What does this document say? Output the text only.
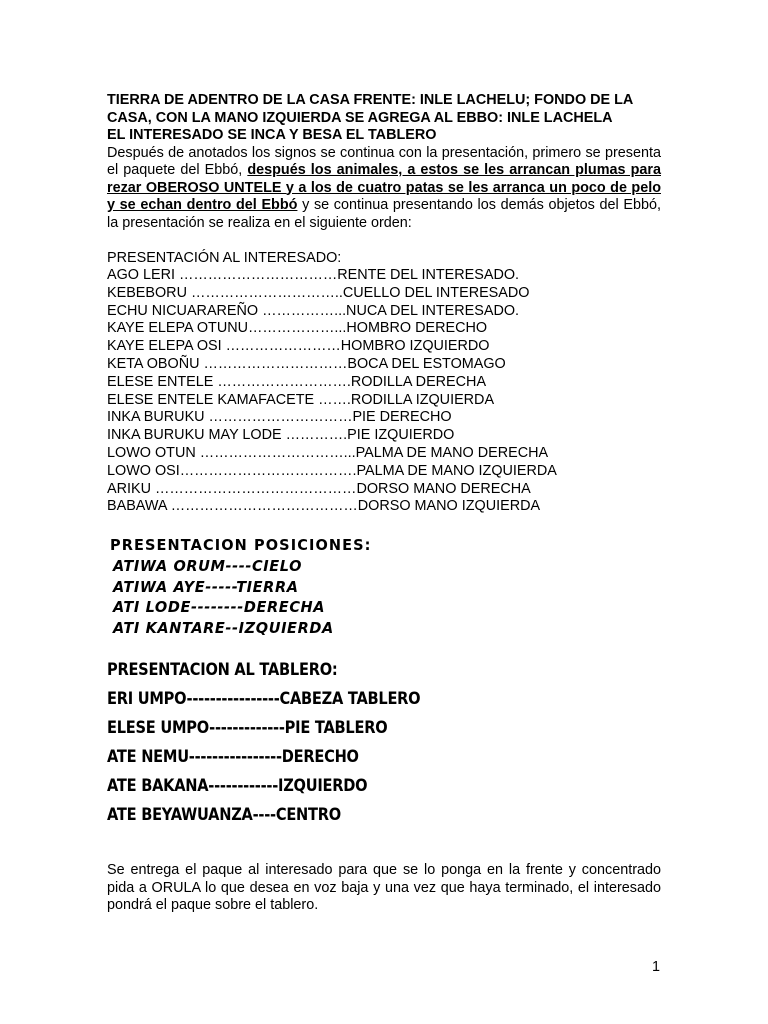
TIERRA DE ADENTRO DE LA CASA FRENTE: INLE LACHELU; FONDO DE LA
CASA, CON LA MANO IZQUIERDA SE AGREGA AL EBBO: INLE LACHELA
EL INTERESADO SE INCA Y BESA EL TABLERO

Después de anotados los signos se continua con la presentación, primero se presenta el paquete del Ebbó, después los animales, a estos se les arrancan plumas para rezar OBEROSO UNTELE y a los de cuatro patas se les arranca un poco de pelo y se echan dentro del Ebbó y se continua presentando los demás objetos del Ebbó, la presentación se realiza en el siguiente orden:

PRESENTACIÓN AL INTERESADO:

AGO LERI ……………………………RENTE DEL INTERESADO.
KEBEBORU …………………………..CUELLO DEL INTERESADO
ECHU NICUARAREÑO ……………...NUCA DEL INTERESADO.
KAYE ELEPA OTUNU………………...HOMBRO DERECHO
KAYE ELEPA OSI ……………………HOMBRO IZQUIERDO
KETA OBOÑU …………………………BOCA DEL ESTOMAGO
ELESE ENTELE ……………………….RODILLA DERECHA
ELESE ENTELE KAMAFACETE …….RODILLA IZQUIERDA
INKA BURUKU …………………………PIE DERECHO
INKA BURUKU MAY LODE ………….PIE IZQUIERDO
LOWO OTUN …………………………...PALMA DE MANO DERECHA
LOWO OSI……………………………….PALMA DE MANO IZQUIERDA
ARIKU ……………………………………DORSO MANO DERECHA
BABAWA …………………………………DORSO MANO IZQUIERDA
PRESENTACION POSICIONES:
ATIWA ORUM----CIELO
ATIWA AYE-----TIERRA
ATI LODE--------DERECHA
ATI KANTARE--IZQUIERDA
PRESENTACION AL TABLERO:
ERI UMPO----------------CABEZA TABLERO
ELESE UMPO-------------PIE TABLERO
ATE NEMU----------------DERECHO
ATE BAKANA------------IZQUIERDO
ATE BEYAWUANZA----CENTRO

Se entrega el paque al interesado para que se lo ponga en la frente y concentrado pida a ORULA lo que desea en voz baja y una vez que haya terminado, el interesado pondrá el paque sobre el tablero.

1
